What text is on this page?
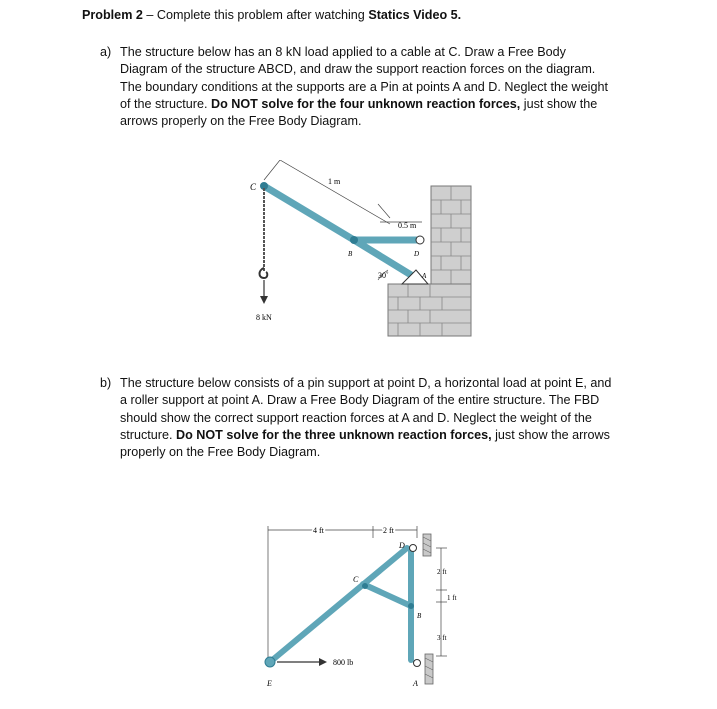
Problem 2 – Complete this problem after watching Statics Video 5.
a) The structure below has an 8 kN load applied to a cable at C. Draw a Free Body
Diagram of the structure ABCD, and draw the support reaction forces on the diagram.
The boundary conditions at the supports are a Pin at points A and D. Neglect the weight
of the structure. Do NOT solve for the four unknown reaction forces, just show the
arrows properly on the Free Body Diagram.
C
1 m
0.5 m
B	D
A
30˚
8 kN
b) The structure below consists of a pin support at point D, a horizontal load at point E, and
a roller support at point A. Draw a Free Body Diagram of the entire structure. The FBD
should show the correct support reaction forces at A and D. Neglect the weight of the
structure. Do NOT solve for the three unknown reaction forces, just show the arrows
properly on the Free Body Diagram.
4 ft	2 ft
D
C
B
A
E
2 ft
1 ft
3 ft
800 lb
